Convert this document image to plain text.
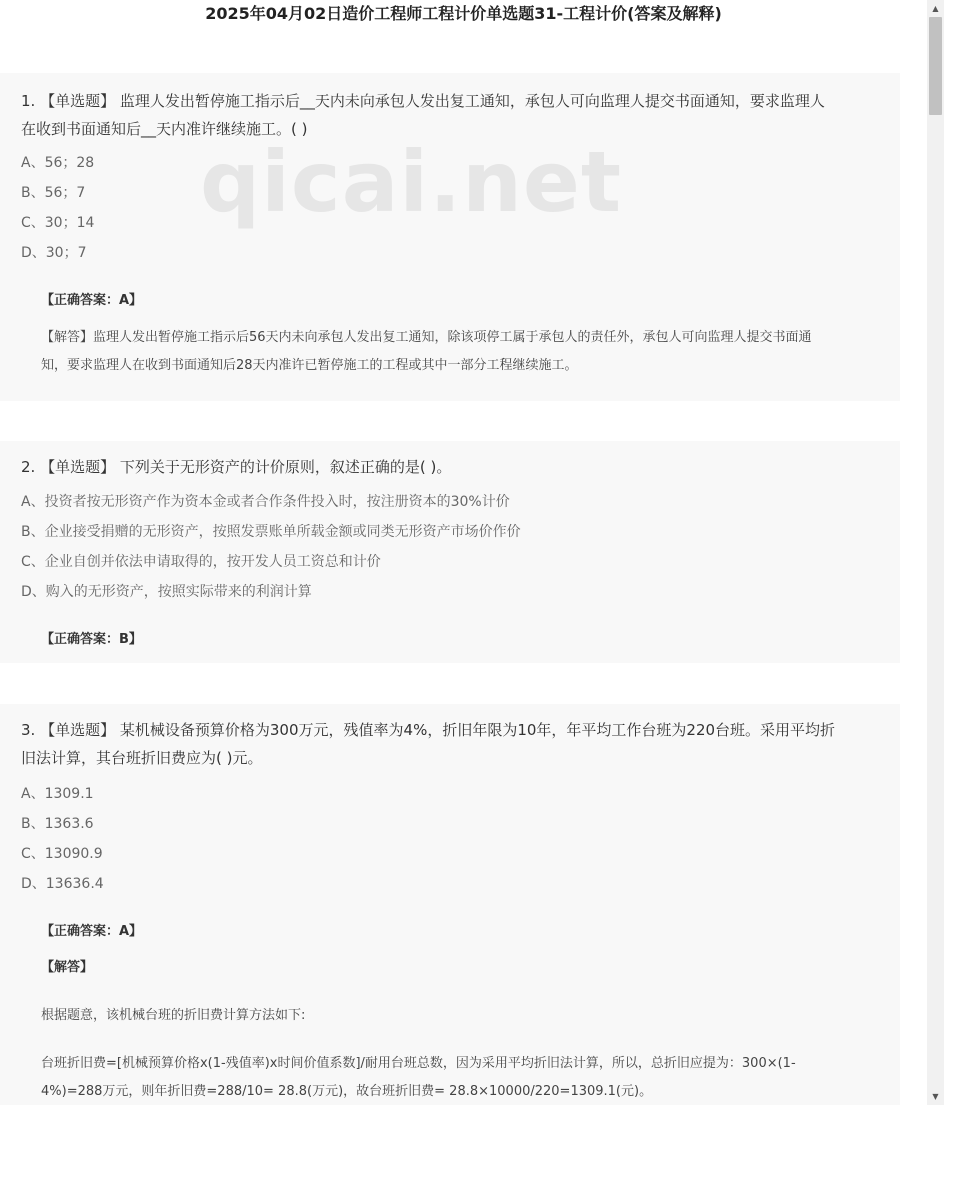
2025年04月02日造价工程师工程计价单选题31-工程计价(答案及解释)
1. 【单选题】 监理人发出暂停施工指示后__天内未向承包人发出复工通知，承包人可向监理人提交书面通知，要求监理人
在收到书面通知后__天内准许继续施工。( )
A、56；28
B、56；7
C、30；14
D、30；7
【正确答案：A】
【解答】监理人发出暂停施工指示后56天内未向承包人发出复工通知，除该项停工属于承包人的责任外，承包人可向监理人提交书面通
知，要求监理人在收到书面通知后28天内准许已暂停施工的工程或其中一部分工程继续施工。
qicai.net
2. 【单选题】 下列关于无形资产的计价原则，叙述正确的是( )。
A、投资者按无形资产作为资本金或者合作条件投入时，按注册资本的30%计价
B、企业接受捐赠的无形资产，按照发票账单所载金额或同类无形资产市场价作价
C、企业自创并依法申请取得的，按开发人员工资总和计价
D、购入的无形资产，按照实际带来的利润计算
【正确答案：B】
3. 【单选题】 某机械设备预算价格为300万元，残值率为4%，折旧年限为10年，年平均工作台班为220台班。采用平均折
旧法计算，其台班折旧费应为( )元。
A、1309.1
B、1363.6
C、13090.9
D、13636.4
【正确答案：A】
【解答】
根据题意，该机械台班的折旧费计算方法如下:
台班折旧费=[机械预算价格x(1-残值率)x时间价值系数]/耐用台班总数，因为采用平均折旧法计算，所以，总折旧应提为：300×(1-
4%)=288万元，则年折旧费=288/10= 28.8(万元)，故台班折旧费= 28.8×10000/220=1309.1(元)。
▲
▼
